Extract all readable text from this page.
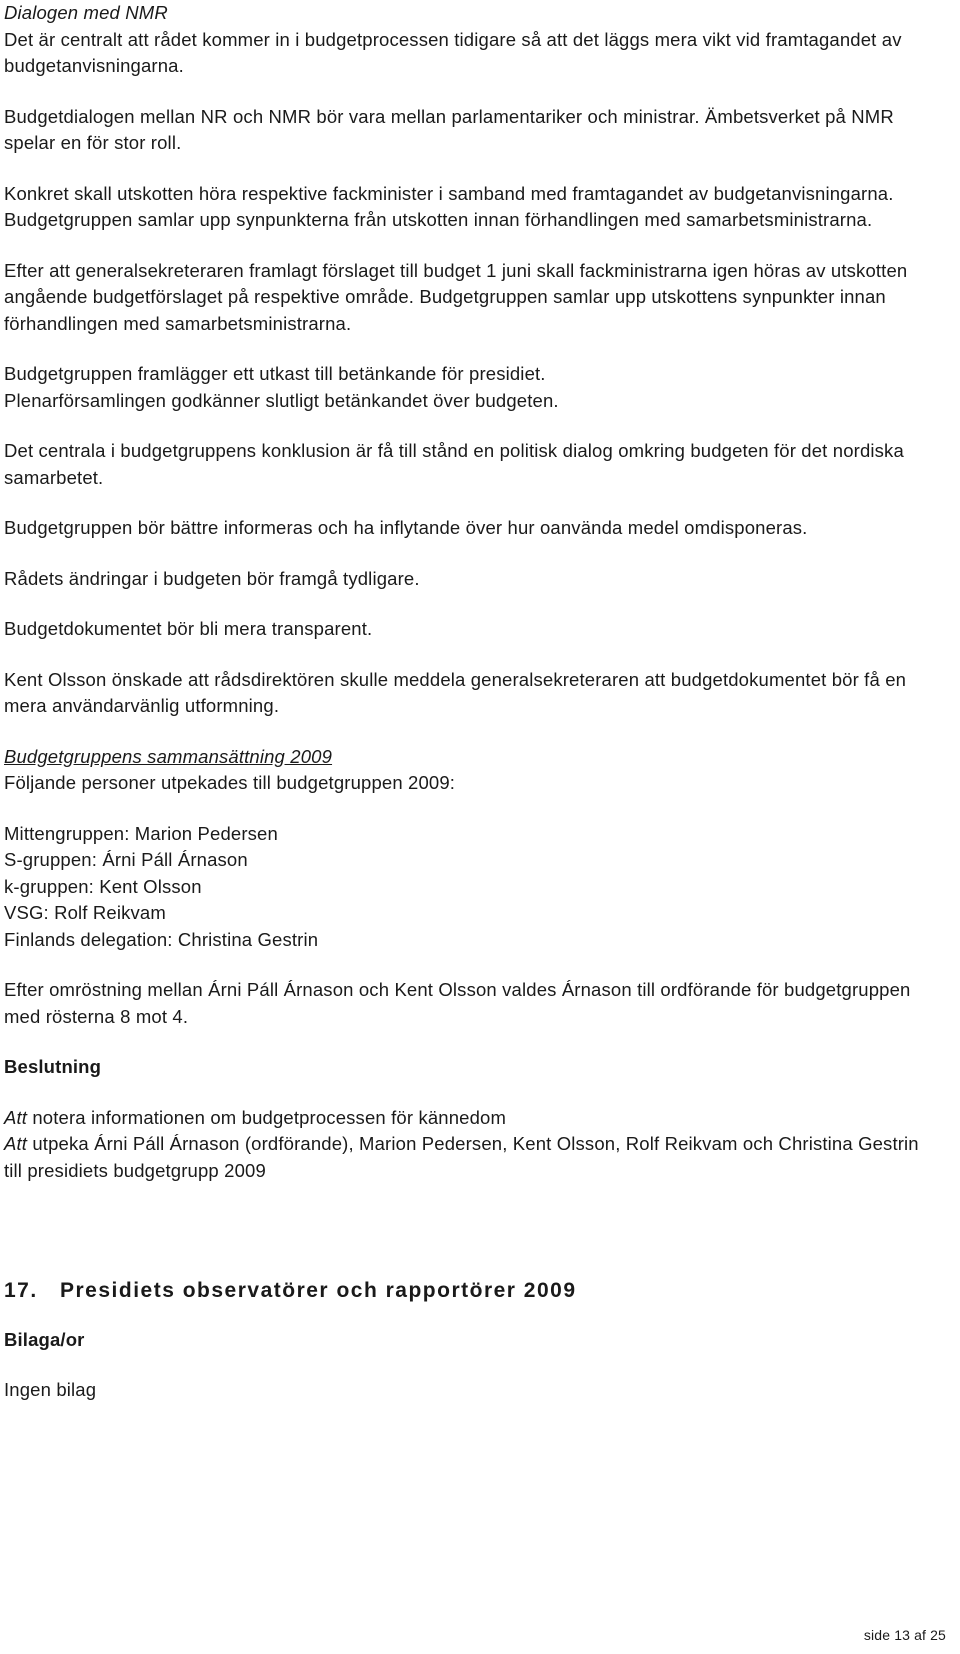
Dialogen med NMR

Det är centralt att rådet kommer in i budgetprocessen tidigare så att det läggs mera vikt vid framtagandet av budgetanvisningarna.

Budgetdialogen mellan NR och NMR bör vara mellan parlamentariker och ministrar. Ämbetsverket på NMR spelar en för stor roll.

Konkret skall utskotten höra respektive fackminister i samband med framtagandet av budgetanvisningarna. Budgetgruppen samlar upp synpunkterna från utskotten innan förhandlingen med samarbetsministrarna.

Efter att generalsekreteraren framlagt förslaget till budget 1 juni skall fackministrarna igen höras av utskotten angående budgetförslaget på respektive område. Budgetgruppen samlar upp utskottens synpunkter innan förhandlingen med samarbetsministrarna.

Budgetgruppen framlägger ett utkast till betänkande för presidiet.

Plenarförsamlingen godkänner slutligt betänkandet över budgeten.

Det centrala i budgetgruppens konklusion är få till stånd en politisk dialog omkring budgeten för det nordiska samarbetet.

Budgetgruppen bör bättre informeras och ha inflytande över hur oanvända medel omdisponeras.

Rådets ändringar i budgeten bör framgå tydligare.

Budgetdokumentet bör bli mera transparent.

Kent Olsson önskade att rådsdirektören skulle meddela generalsekreteraren att budgetdokumentet bör få en mera användarvänlig utformning.

Budgetgruppens sammansättning 2009

Följande personer utpekades till budgetgruppen 2009:

Mittengruppen: Marion Pedersen

S-gruppen: Árni Páll Árnason

k-gruppen: Kent Olsson

VSG: Rolf Reikvam

Finlands delegation: Christina Gestrin

Efter omröstning mellan Árni Páll Árnason och Kent Olsson valdes Árnason till ordförande för budgetgruppen med rösterna 8 mot 4.

Beslutning

Att notera informationen om budgetprocessen för kännedom

Att utpeka Árni Páll Árnason (ordförande), Marion Pedersen, Kent Olsson, Rolf Reikvam och Christina Gestrin till presidiets budgetgrupp 2009

17. Presidiets observatörer och rapportörer 2009

Bilaga/or

Ingen bilag

side 13 af 25
